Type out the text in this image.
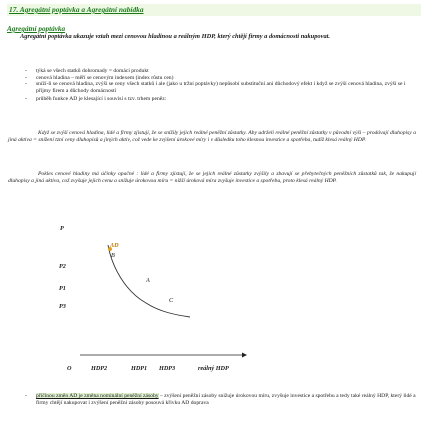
17. Agregátní poptávka a Agregátní nabídka
Agregátní poptávka
Agregátní poptávka ukazuje vztah mezi cenovou hladinou a reálným HDP, který chtějí firmy a domácnosti nakupovat.
- týká se všech statků dohromady = domácí produkt
- cenová hladina – měří se cenovým indexem (index růstu cen)
- sníží-li se cenová hladina, zvýší se ceny všech statků i ale (jako u tržní poptávky) nepůsobí substituční ani důchodový efekt i když se zvýší cenová hladina, zvýší se i příjmy firem a důchody domácností
- průběh funkce AD je klesající i souvisí s tzv. trhem peněz:
Když se zvýší cenová hladina, lidé a firmy zjistují, že se snížily jejich reálné peněžní zůstatky. Aby udrželi reálné peněžní zůstatky v původní výši – prodávají dluhopisy a jiná aktiva = snížení tzní ceny dluhopisů a jiných aktiv, což vede ke zvýšení úrokové míry i v důsledku toho klesnou investice a spotřeba, tudíž klesá reálný HDP.
Pokles cenové hladiny má účinky opačné : lidé a firmy zjistují, že se jejich reálné zůstatky zvýšily a zbavují se přebytečných peněžních zůstatků tak, že nakupují dluhopisy a jiná aktiva, což zvyšuje jejich cenu a snižuje úrokovou míru = nižší úroková míra zvyšuje investice a spotřebu, proto klesá reálný HDP.
P
P2
P1
P3
AD
B
A
C
O	HDP2	HDP1 HDP3	reálný HDP
- příčinou změn AD je změna nominální peněžní zásoby – zvýšení peněžní zásoby snižuje úrokovou míru, zvyšuje investice a spotřebu a tedy také reálný HDP, který lidé a firmy chtějí nakupovat i zvýšení peněžní zásoby posouvá křivku AD doprava
